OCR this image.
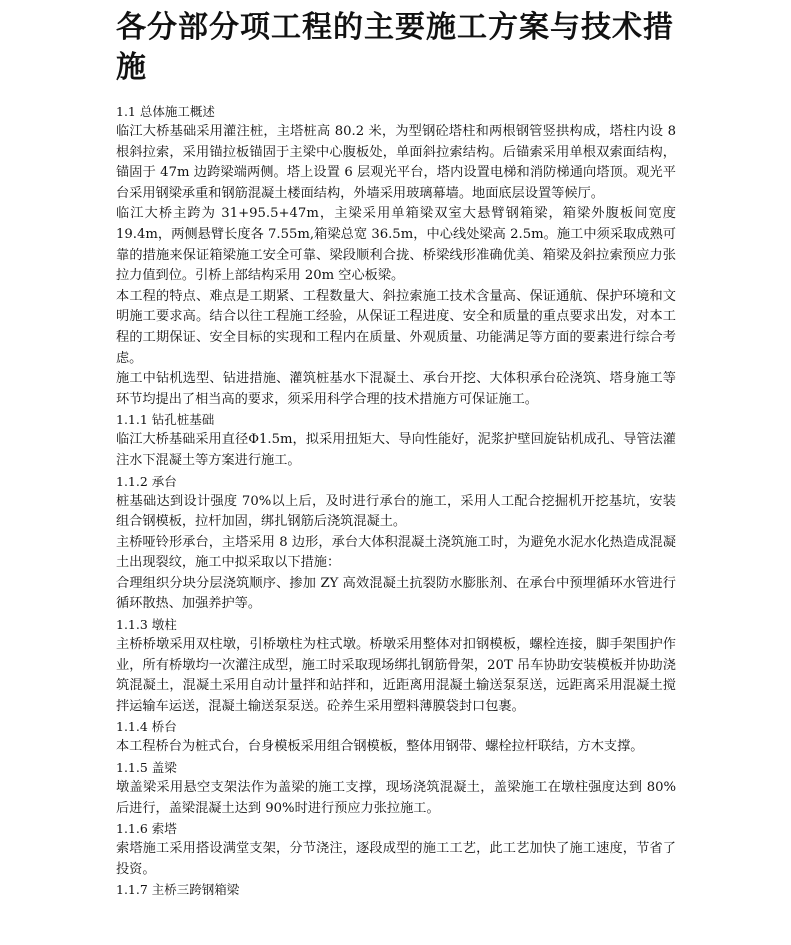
各分部分项工程的主要施工方案与技术措施

1.1 总体施工概述

临江大桥基础采用灌注桩，主塔桩高 80.2 米，为型钢砼塔柱和两根钢管竖拱构成，塔柱内设 8 根斜拉索，采用锚拉板锚固于主梁中心腹板处，单面斜拉索结构。后锚索采用单根双索面结构，锚固于 47m 边跨梁端两侧。塔上设置 6 层观光平台，塔内设置电梯和消防梯通向塔顶。观光平台采用钢梁承重和钢筋混凝土楼面结构，外墙采用玻璃幕墙。地面底层设置等候厅。

临江大桥主跨为 31+95.5+47m，主梁采用单箱梁双室大悬臂钢箱梁，箱梁外腹板间宽度 19.4m，两侧悬臂长度各 7.55m,箱梁总宽 36.5m，中心线处梁高 2.5m。施工中须采取成熟可靠的措施来保证箱梁施工安全可靠、梁段顺利合拢、桥梁线形准确优美、箱梁及斜拉索预应力张拉力值到位。引桥上部结构采用 20m 空心板梁。

本工程的特点、难点是工期紧、工程数量大、斜拉索施工技术含量高、保证通航、保护环境和文明施工要求高。结合以往工程施工经验，从保证工程进度、安全和质量的重点要求出发，对本工程的工期保证、安全目标的实现和工程内在质量、外观质量、功能满足等方面的要素进行综合考虑。

施工中钻机选型、钻进措施、灌筑桩基水下混凝土、承台开挖、大体积承台砼浇筑、塔身施工等环节均提出了相当高的要求，须采用科学合理的技术措施方可保证施工。

1.1.1 钻孔桩基础

临江大桥基础采用直径Φ1.5m，拟采用扭矩大、导向性能好，泥浆护壁回旋钻机成孔、导管法灌注水下混凝土等方案进行施工。

1.1.2 承台

桩基础达到设计强度 70%以上后，及时进行承台的施工，采用人工配合挖掘机开挖基坑，安装组合钢模板，拉杆加固，绑扎钢筋后浇筑混凝土。

主桥哑铃形承台，主塔采用 8 边形，承台大体积混凝土浇筑施工时，为避免水泥水化热造成混凝土出现裂纹，施工中拟采取以下措施：

合理组织分块分层浇筑顺序、掺加 ZY 高效混凝土抗裂防水膨胀剂、在承台中预埋循环水管进行循环散热、加强养护等。

1.1.3 墩柱

主桥桥墩采用双柱墩，引桥墩柱为柱式墩。桥墩采用整体对扣钢模板，螺栓连接，脚手架围护作业，所有桥墩均一次灌注成型，施工时采取现场绑扎钢筋骨架，20T 吊车协助安装模板并协助浇筑混凝土，混凝土采用自动计量拌和站拌和，近距离用混凝土输送泵泵送，远距离采用混凝土搅拌运输车运送，混凝土输送泵泵送。砼养生采用塑料薄膜袋封口包裹。

1.1.4 桥台

本工程桥台为桩式台，台身模板采用组合钢模板，整体用钢带、螺栓拉杆联结，方木支撑。

1.1.5 盖梁

墩盖梁采用悬空支架法作为盖梁的施工支撑，现场浇筑混凝土，盖梁施工在墩柱强度达到 80%后进行，盖梁混凝土达到 90%时进行预应力张拉施工。

1.1.6 索塔

索塔施工采用搭设满堂支架，分节浇注，逐段成型的施工工艺，此工艺加快了施工速度，节省了投资。

1.1.7 主桥三跨钢箱梁
